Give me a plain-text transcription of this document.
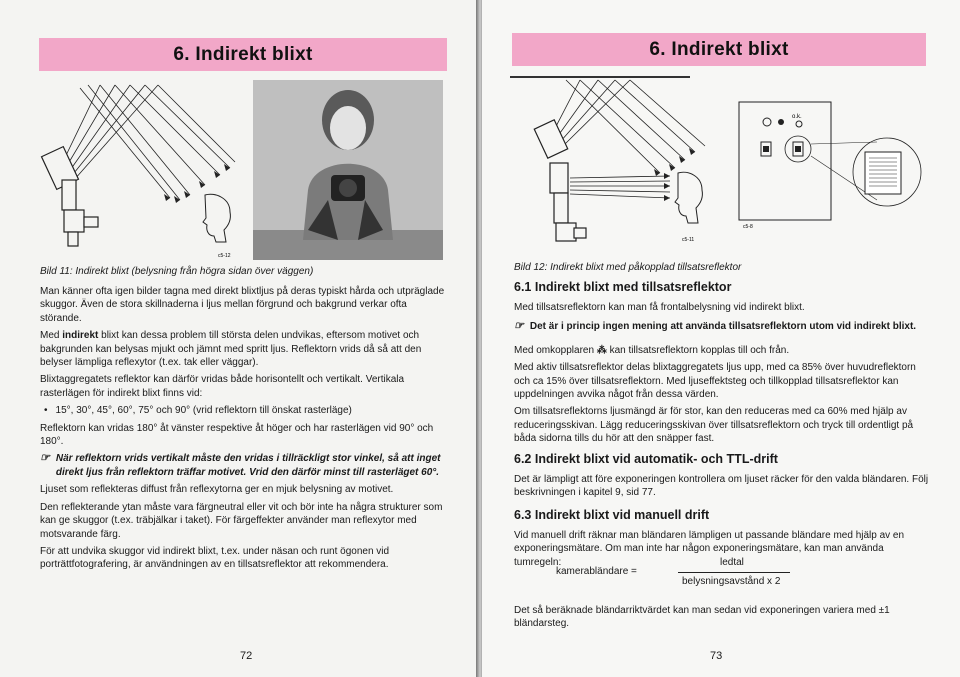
6. Indirekt blixt
c5-12
Bild 11: Indirekt blixt (belysning från högra sidan över väggen)

Man känner ofta igen bilder tagna med direkt blixtljus på deras typiskt hårda och utpräglade skuggor. Även de stora skillnaderna i ljus mellan förgrund och bakgrund verkar ofta störande.

Med indirekt blixt kan dessa problem till största delen undvikas, eftersom motivet och bakgrunden kan belysas mjukt och jämnt med spritt ljus. Reflektorn vrids då så att den belyser lämpliga reflexytor (t.ex. tak eller väggar).

Blixtaggregatets reflektor kan därför vridas både horisontellt och vertikalt. Vertikala rasterlägen för indirekt blixt finns vid:

• 15°, 30°, 45°, 60°, 75° och 90° (vrid reflektorn till önskat rasterläge)

Reflektorn kan vridas 180° åt vänster respektive åt höger och har rasterlägen vid 90° och 180°.

☞ När reflektorn vrids vertikalt måste den vridas i tillräckligt stor vinkel, så att inget direkt ljus från reflektorn träffar motivet. Vrid den därför minst till rasterläget 60°.

Ljuset som reflekteras diffust från reflexytorna ger en mjuk belysning av motivet.

Den reflekterande ytan måste vara färgneutral eller vit och bör inte ha några strukturer som kan ge skuggor (t.ex. träbjälkar i taket). För färgeffekter använder man reflexytor med motsvarande färg.

För att undvika skuggor vid indirekt blixt, t.ex. under näsan och runt ögonen vid porträttfotografering, är användningen av en tillsatsreflektor att rekommendera.

72
6. Indirekt blixt
c5-11
o.k.
c5-8
Bild 12: Indirekt blixt med påkopplad tillsatsreflektor
6.1 Indirekt blixt med tillsatsreflektor

Med tillsatsreflektorn kan man få frontalbelysning vid indirekt blixt.

☞ Det är i princip ingen mening att använda tillsatsreflektorn utom vid indirekt blixt.

Med omkopplaren ⁂ kan tillsatsreflektorn kopplas till och från.

Med aktiv tillsatsreflektor delas blixtaggregatets ljus upp, med ca 85% över huvudreflektorn och ca 15% över tillsatsreflektorn. Med ljuseffektsteg och tillkopplad tillsatsreflektor kan uppdelningen avvika något från dessa värden.

Om tillsatsreflektorns ljusmängd är för stor, kan den reduceras med ca 60% med hjälp av reduceringsskivan. Lägg reduceringsskivan över tillsatsreflektorn och tryck till ordentligt på båda sidorna tills du hör att den snäpper fast.

6.2 Indirekt blixt vid automatik- och TTL-drift

Det är lämpligt att före exponeringen kontrollera om ljuset räcker för den valda bländaren. Följ beskrivningen i kapitel 9, sid 77.

6.3 Indirekt blixt vid manuell drift

Vid manuell drift räknar man bländaren lämpligen ut passande bländare med hjälp av en exponeringsmätare. Om man inte har någon exponeringsmätare, kan man använda tumregeln:

kamerabländare =
ledtal
belysningsavstånd x 2

Det så beräknade bländarriktvärdet kan man sedan vid exponeringen variera med ±1 bländarsteg.

73
